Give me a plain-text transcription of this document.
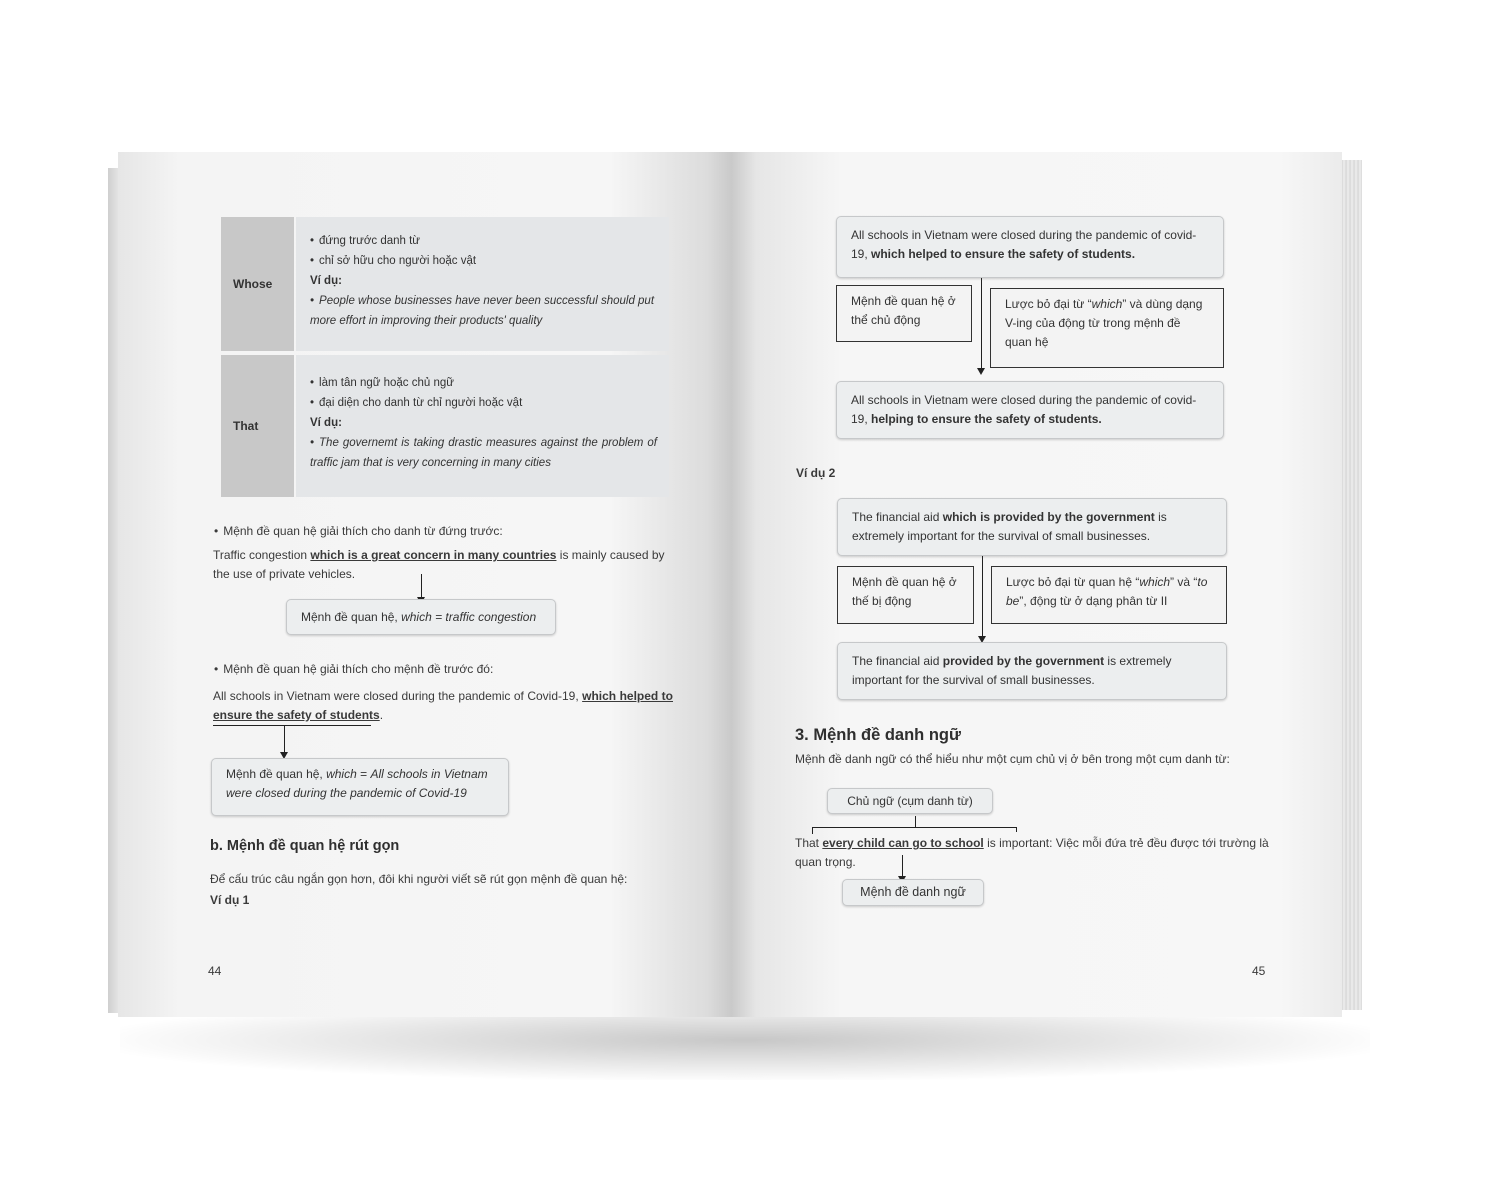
Whose
• đứng trước danh từ
• chỉ sở hữu cho người hoặc vật
Ví dụ:
• People whose businesses have never been successful should put more effort in improving their products' quality
That
• làm tân ngữ hoặc chủ ngữ
• đại diện cho danh từ chỉ người hoặc vật
Ví dụ:
• The governemt is taking drastic measures against the problem of traffic jam that is very concerning in many cities
• Mệnh đề quan hệ giải thích cho danh từ đứng trước:
Traffic congestion which is a great concern in many countries is mainly caused by the use of private vehicles.
Mệnh đề quan hệ, which = traffic congestion
• Mệnh đề quan hệ giải thích cho mệnh đề trước đó:
All schools in Vietnam were closed during the pandemic of Covid-19, which helped to ensure the safety of students.
Mệnh đề quan hệ, which = All schools in Vietnam were closed during the pandemic of Covid-19
b. Mệnh đề quan hệ rút gọn
Để cấu trúc câu ngắn gọn hơn, đôi khi người viết sẽ rút gọn mệnh đề quan hệ:
Ví dụ 1
44
All schools in Vietnam were closed during the pandemic of covid-19, which helped to ensure the safety of students.
Mệnh đề quan hệ ở thể chủ động
Lược bỏ đại từ “which” và dùng dạng V-ing của động từ trong mệnh đề quan hệ
All schools in Vietnam were closed during the pandemic of covid-19, helping to ensure the safety of students.
Ví dụ 2
The financial aid which is provided by the government is extremely important for the survival of small businesses.
Mệnh đề quan hệ ở thế bị động
Lược bỏ đại từ quan hệ “which” và “to be”, động từ ở dạng phân từ II
The financial aid provided by the government is extremely important for the survival of small businesses.
3. Mệnh đề danh ngữ
Mệnh đề danh ngữ có thể hiểu như một cụm chủ vị ở bên trong một cụm danh từ:
Chủ ngữ (cụm danh từ)
That every child can go to school is important: Việc mỗi đứa trẻ đều được tới trường là quan trọng.
Mệnh đề danh ngữ
45
